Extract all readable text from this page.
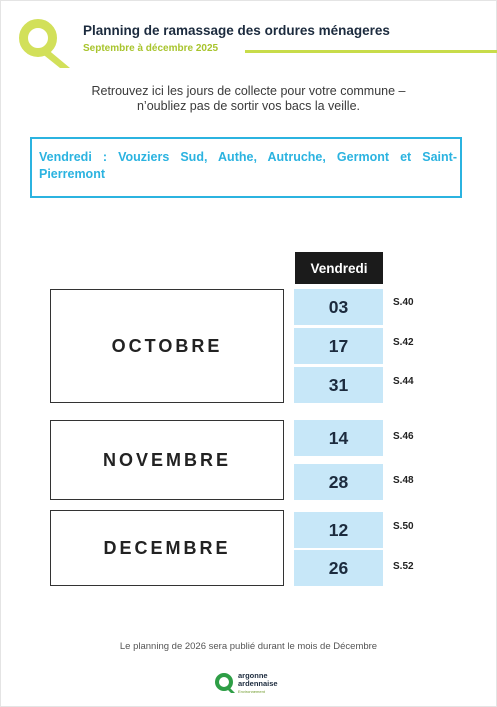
Planning de ramassage des ordures ménageres
Septembre à décembre 2025
Retrouvez ici les jours de collecte pour votre commune –
n’oubliez pas de sortir vos bacs la veille.
Vendredi : Vouziers Sud, Authe, Autruche, Germont et Saint-Pierremont
Vendredi
OCTOBRE
03	S.40
17	S.42
31	S.44
NOVEMBRE
14	S.46
28	S.48
DECEMBRE
12	S.50
26	S.52
Le planning de 2026 sera publié durant le mois de Décembre
argonne
ardennaise
Environnement
